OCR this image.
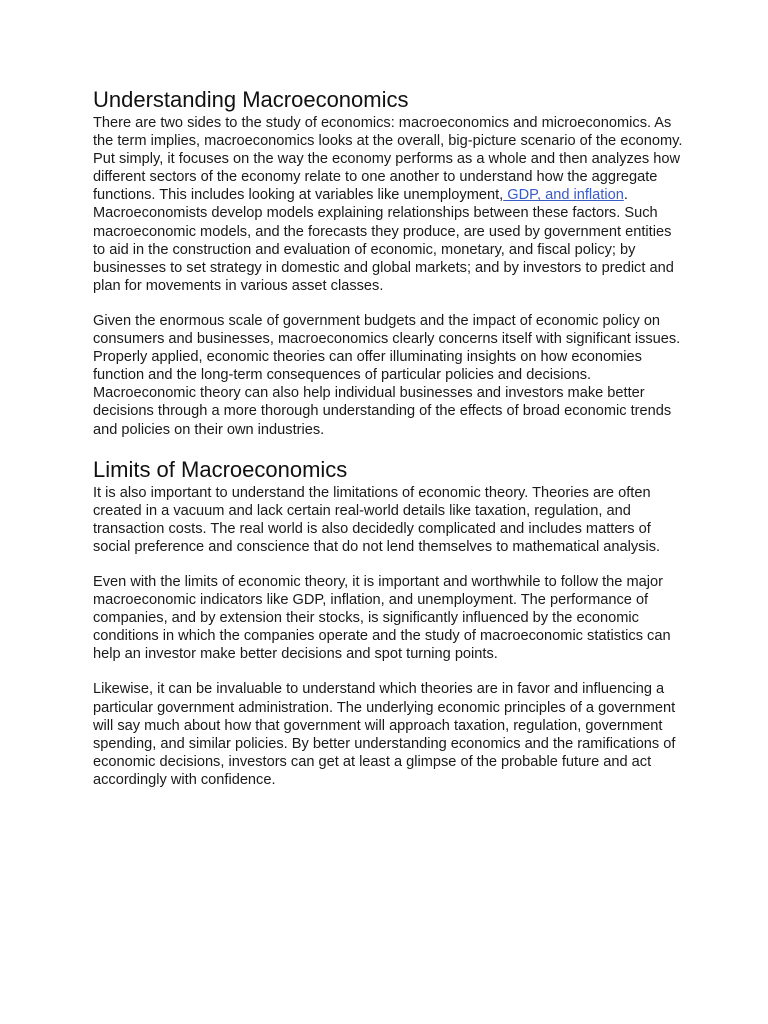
Understanding Macroeconomics

There are two sides to the study of economics: macroeconomics and microeconomics. As the term implies, macroeconomics looks at the overall, big-picture scenario of the economy. Put simply, it focuses on the way the economy performs as a whole and then analyzes how different sectors of the economy relate to one another to understand how the aggregate functions. This includes looking at variables like unemployment, GDP, and inflation. Macroeconomists develop models explaining relationships between these factors. Such macroeconomic models, and the forecasts they produce, are used by government entities to aid in the construction and evaluation of economic, monetary, and fiscal policy; by businesses to set strategy in domestic and global markets; and by investors to predict and plan for movements in various asset classes.

Given the enormous scale of government budgets and the impact of economic policy on consumers and businesses, macroeconomics clearly concerns itself with significant issues. Properly applied, economic theories can offer illuminating insights on how economies function and the long-term consequences of particular policies and decisions. Macroeconomic theory can also help individual businesses and investors make better decisions through a more thorough understanding of the effects of broad economic trends and policies on their own industries.

Limits of Macroeconomics

It is also important to understand the limitations of economic theory. Theories are often created in a vacuum and lack certain real-world details like taxation, regulation, and transaction costs. The real world is also decidedly complicated and includes matters of social preference and conscience that do not lend themselves to mathematical analysis.

Even with the limits of economic theory, it is important and worthwhile to follow the major macroeconomic indicators like GDP, inflation, and unemployment. The performance of companies, and by extension their stocks, is significantly influenced by the economic conditions in which the companies operate and the study of macroeconomic statistics can help an investor make better decisions and spot turning points.

Likewise, it can be invaluable to understand which theories are in favor and influencing a particular government administration. The underlying economic principles of a government will say much about how that government will approach taxation, regulation, government spending, and similar policies. By better understanding economics and the ramifications of economic decisions, investors can get at least a glimpse of the probable future and act accordingly with confidence.
